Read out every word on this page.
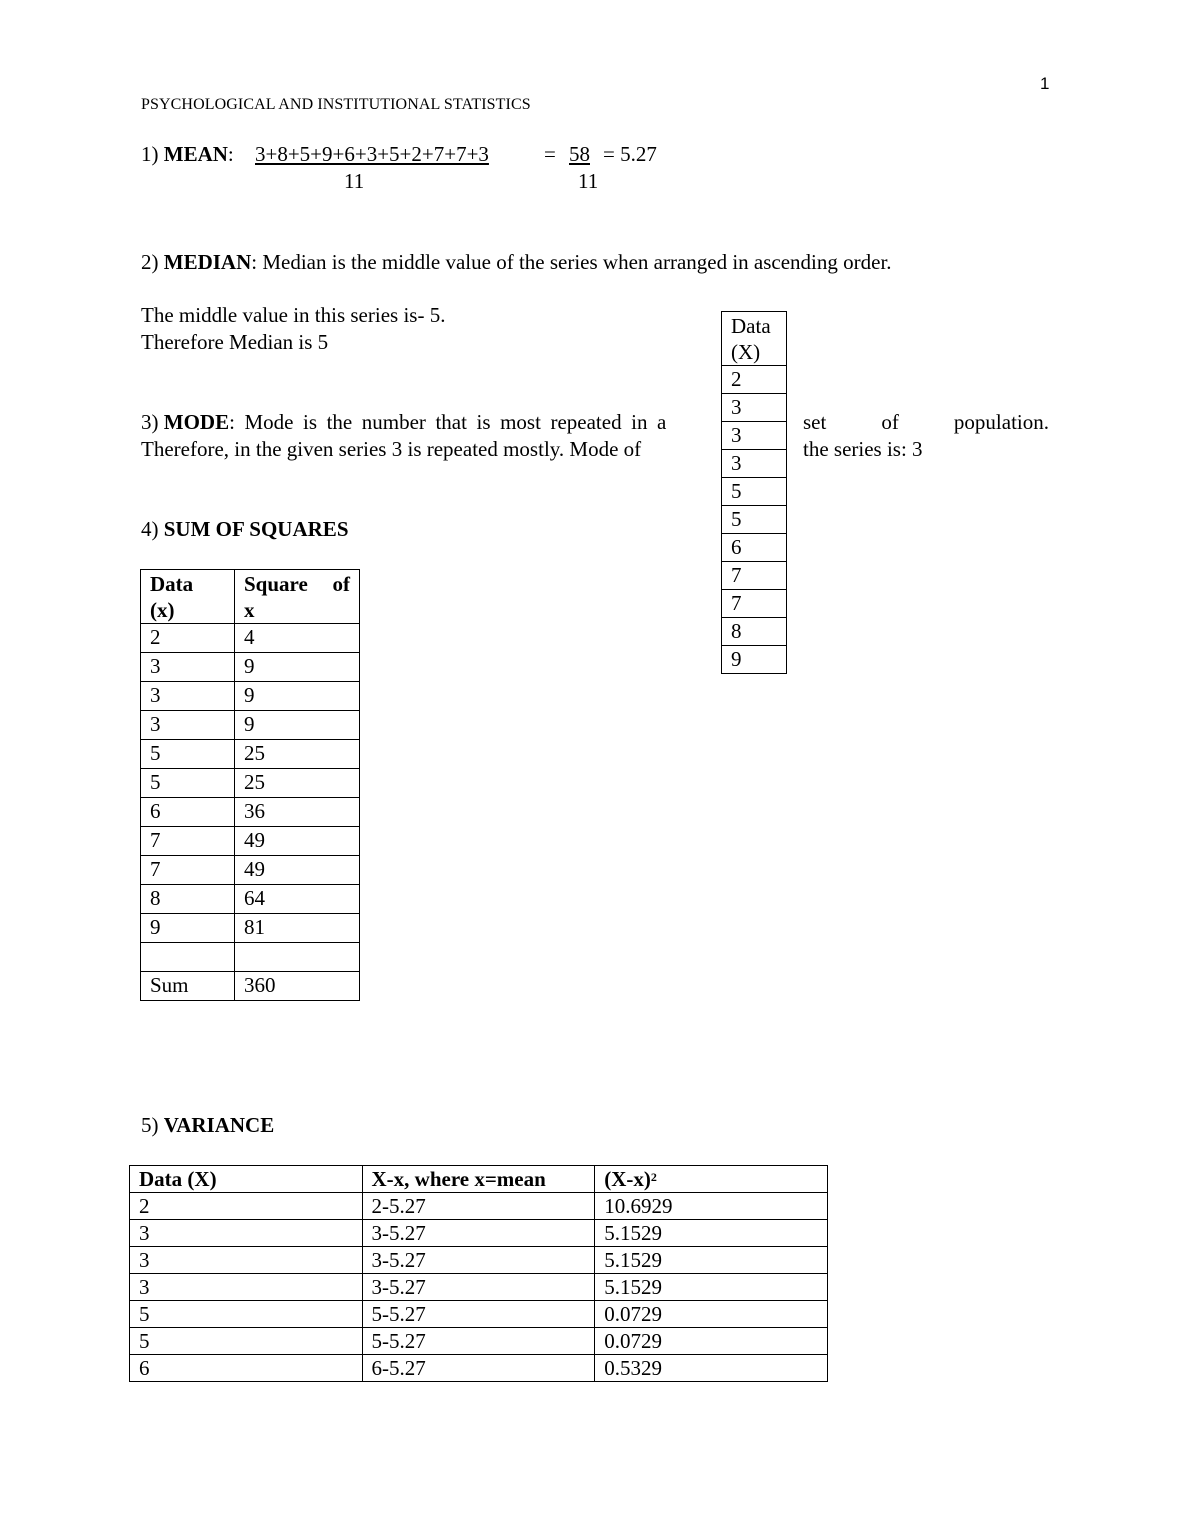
1
PSYCHOLOGICAL AND INSTITUTIONAL STATISTICS
1) MEAN: 3+8+5+9+6+3+5+2+7+7+3	= 58 = 5.27
11	11
2) MEDIAN: Median is the middle value of the series when arranged in ascending order.
The middle value in this series is- 5.
Therefore Median is 5
Data
(X)
2
3
3
3
5
5
6
7
7
8
9
3) MODE: Mode is the number that is most repeated in a
Therefore, in the given series 3 is repeated mostly. Mode of
set	of	population.
the series is: 3
4) SUM OF SQUARES
Data
(x)	Square of
x
2	4
3	9
3	9
3	9
5	25
5	25
6	36
7	49
7	49
8	64
9	81

Sum	360
5) VARIANCE
Data (X)	X-x, where x=mean	$(X-x)^2$
2	2-5.27	10.6929
3	3-5.27	5.1529
3	3-5.27	5.1529
3	3-5.27	5.1529
5	5-5.27	0.0729
5	5-5.27	0.0729
6	6-5.27	0.5329
